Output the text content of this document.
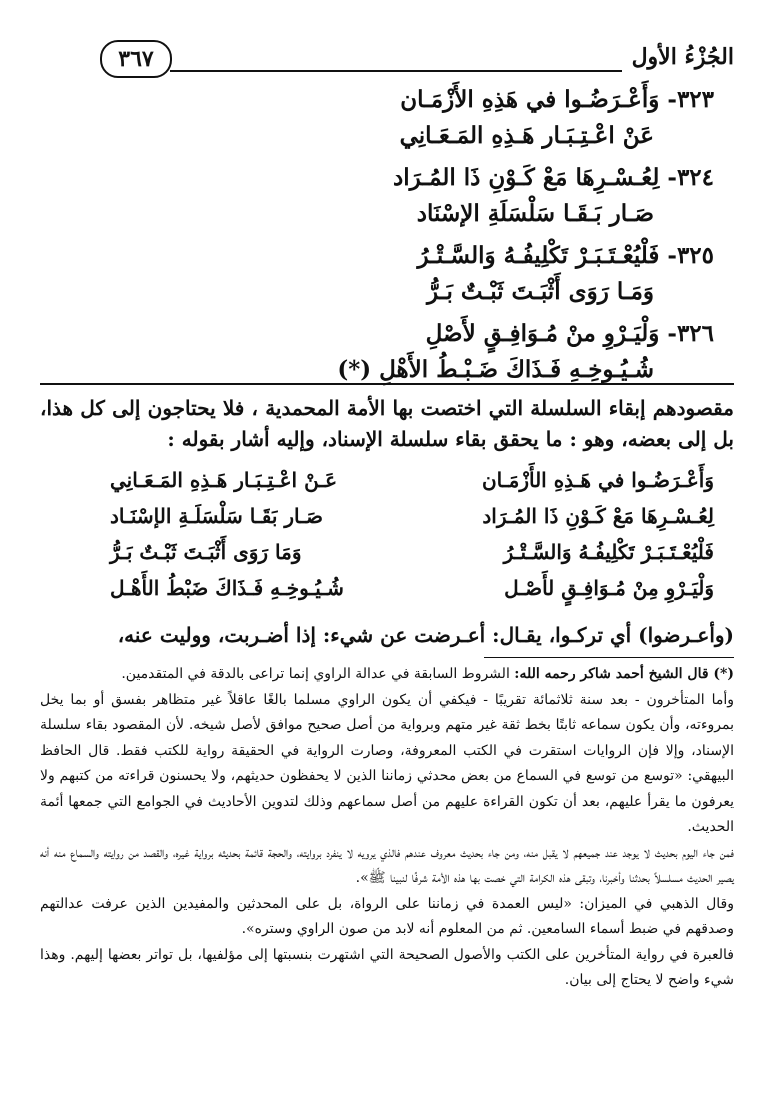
الجُزْءُ الأول
٣٦٧
٣٢٣-وَأَعْـرَضُـوا في هَذِهِ الأَزْمَـان
عَنْ اعْـتِـبَـار هَـذِهِ المَـعَـانِي
٣٢٤-لِعُـسْـرِهَا مَعْ كَـوْنِ ذَا المُـرَاد
صَـار بَـقَـا سَلْسَلَةِ الإسْنَاد
٣٢٥-فَلْيُعْـتَـبَـرْ تَكْلِيفُـهُ وَالسَّـتْـرُ
وَمَـا رَوَى أَثْبَـتَ ثَبْـتٌ بَـرُّ
٣٢٦-وَلْيَـرْوِ منْ مُـوَافِـقٍ لأَصْلِ
شُـيُـوخِـهِ فَـذَاكَ ضَـبْـطُ الأَهْلِ (*)

مقصودهم إبقاء السلسلة التي اختصت بها الأمة المحمدية ، فلا يحتاجون إلى كل هذا، بل إلى بعضه، وهو : ما يحقق بقاء سلسلة الإسناد، وإليه أشار بقوله :

وَأَعْـرَضُـوا في هَـذِهِ الأَزْمَـان
عَـنْ اعْـتِـبَـار هَـذِهِ المَـعَـانِي
لِعُـسْـرِهَا مَعْ كَـوْنِ ذَا المُـرَاد
صَـار بَقَـا سَلْسَلَـةِ الإسْنَـاد
فَلْيُعْـتَـبَـرْ تَكْلِيفُـهُ وَالسَّـتْـرُ
وَمَا رَوَى أَثْبَـتَ ثَبْـتٌ بَـرُّ
وَلْيَـرْوِ مِنْ مُـوَافِـقٍ لأَصْـل
شُـيُـوخِـهِ فَـذَاكَ ضَبْطُ الأَهْـل
(وأعـرضوا) أي تركـوا، يقـال: أعـرضت عن شيء: إذا أضـربت، ووليت عنه،

(*) قال الشيخ أحمد شاكر رحمه الله: الشروط السابقة في عدالة الراوي إنما تراعى بالدقة في المتقدمين.

وأما المتأخرون - بعد سنة ثلاثمائة تقريبًا - فيكفي أن يكون الراوي مسلما بالغًا عاقلاً غير متظاهر بفسق أو بما يخل بمروءته، وأن يكون سماعه ثابتًا بخط ثقة غير متهم وبرواية من أصل صحيح موافق لأصل شيخه. لأن المقصود بقاء سلسلة الإسناد، وإلا فإن الروايات استقرت في الكتب المعروفة، وصارت الرواية في الحقيقة رواية للكتب فقط. قال الحافظ البيهقي: «توسع من توسع في السماع من بعض محدثي زماننا الذين لا يحفظون حديثهم، ولا يحسنون قراءته من كتبهم ولا يعرفون ما يقرأ عليهم، بعد أن تكون القراءة عليهم من أصل سماعهم وذلك لتدوين الأحاديث في الجوامع التي جمعها أئمة الحديث.

فمن جاء اليوم بحديث لا يوجد عند جميعهم لا يقبل منه، ومن جاء بحديث معروف عندهم فالذي يرويه لا ينفرد بروايته، والحجة قائمة بحديثه برواية غيره، والقصد من روايته والسماع منه أنه يصير الحديث مسلسلاً بحدثنا وأخبرنا، وتبقى هذه الكرامة التي خصت بها هذه الأمة شرفًا لنبينا ﷺ».

وقال الذهبي في الميزان: «ليس العمدة في زماننا على الرواة، بل على المحدثين والمفيدين الذين عرفت عدالتهم وصدقهم في ضبط أسماء السامعين. ثم من المعلوم أنه لابد من صون الراوي وستره».

فالعبرة في رواية المتأخرين على الكتب والأصول الصحيحة التي اشتهرت بنسبتها إلى مؤلفيها، بل تواتر بعضها إليهم. وهذا شيء واضح لا يحتاج إلى بيان.
